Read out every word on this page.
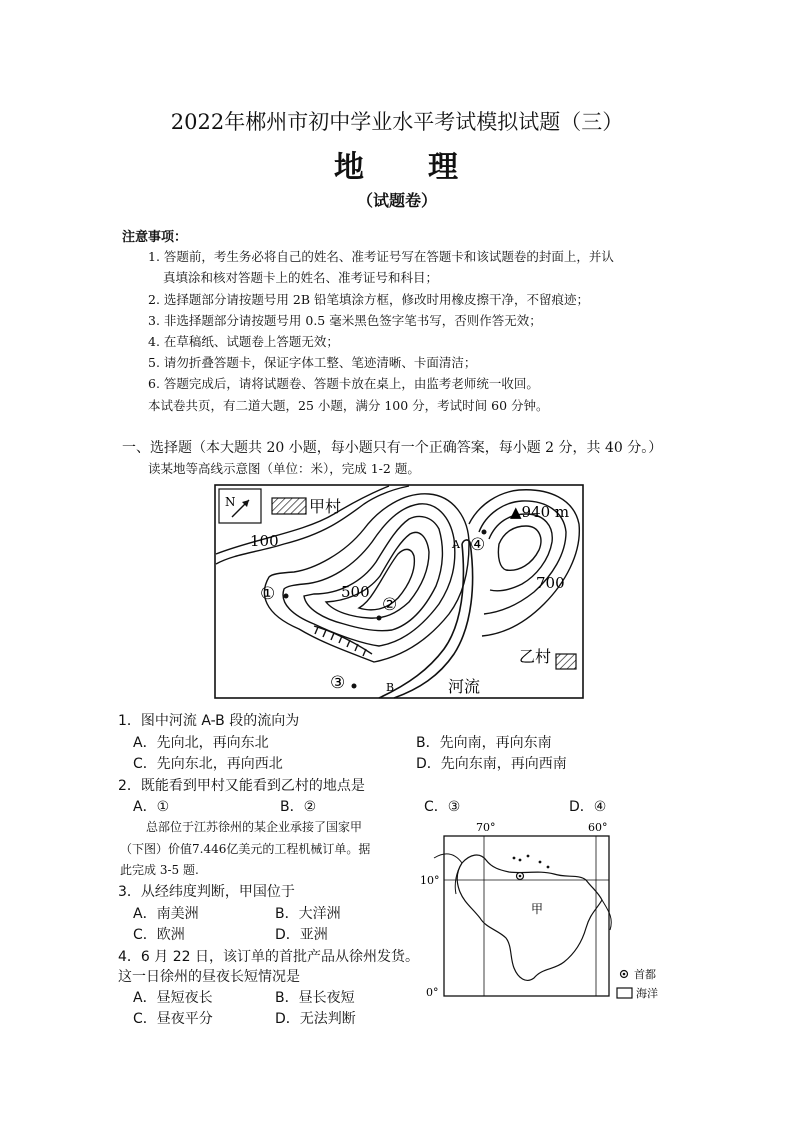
2022年郴州市初中学业水平考试模拟试题（三）
地 理
（试题卷）
注意事项：
1. 答题前，考生务必将自己的姓名、准考证号写在答题卡和该试题卷的封面上，并认
真填涂和核对答题卡上的姓名、准考证号和科目；
2. 选择题部分请按题号用 2B 铅笔填涂方框，修改时用橡皮擦干净，不留痕迹；
3. 非选择题部分请按题号用 0.5 毫米黑色签字笔书写，否则作答无效；
4. 在草稿纸、试题卷上答题无效；
5. 请勿折叠答题卡，保证字体工整、笔迹清晰、卡面清洁；
6. 答题完成后，请将试题卷、答题卡放在桌上，由监考老师统一收回。
本试卷共页，有二道大题，25 小题，满分 100 分，考试时间 60 分钟。
一、选择题（本大题共 20 小题，每小题只有一个正确答案，每小题 2 分，共 40 分。）
读某地等高线示意图（单位：米），完成 1-2 题。
N	甲村
100
500	700
▲940 m
①
②
③
④
A
B	河流
乙村
1．图中河流 A-B 段的流向为
A．先向北，再向东北	B．先向南，再向东南
C．先向东北，再向西北	D．先向东南，再向西南
2．既能看到甲村又能看到乙村的地点是
A．①	B．②	C．③	D．④
总部位于江苏徐州的某企业承接了国家甲
（下图）价值7.446亿美元的工程机械订单。据
此完成 3-5 题.
3．从经纬度判断，甲国位于
A．南美洲	B．大洋洲
C．欧洲	D．亚洲
4．6 月 22 日，该订单的首批产品从徐州发货。
这一日徐州的昼夜长短情况是
A．昼短夜长	B．昼长夜短
C．昼夜平分	D．无法判断
70°	60°
10°
0°
甲
首都
海洋
